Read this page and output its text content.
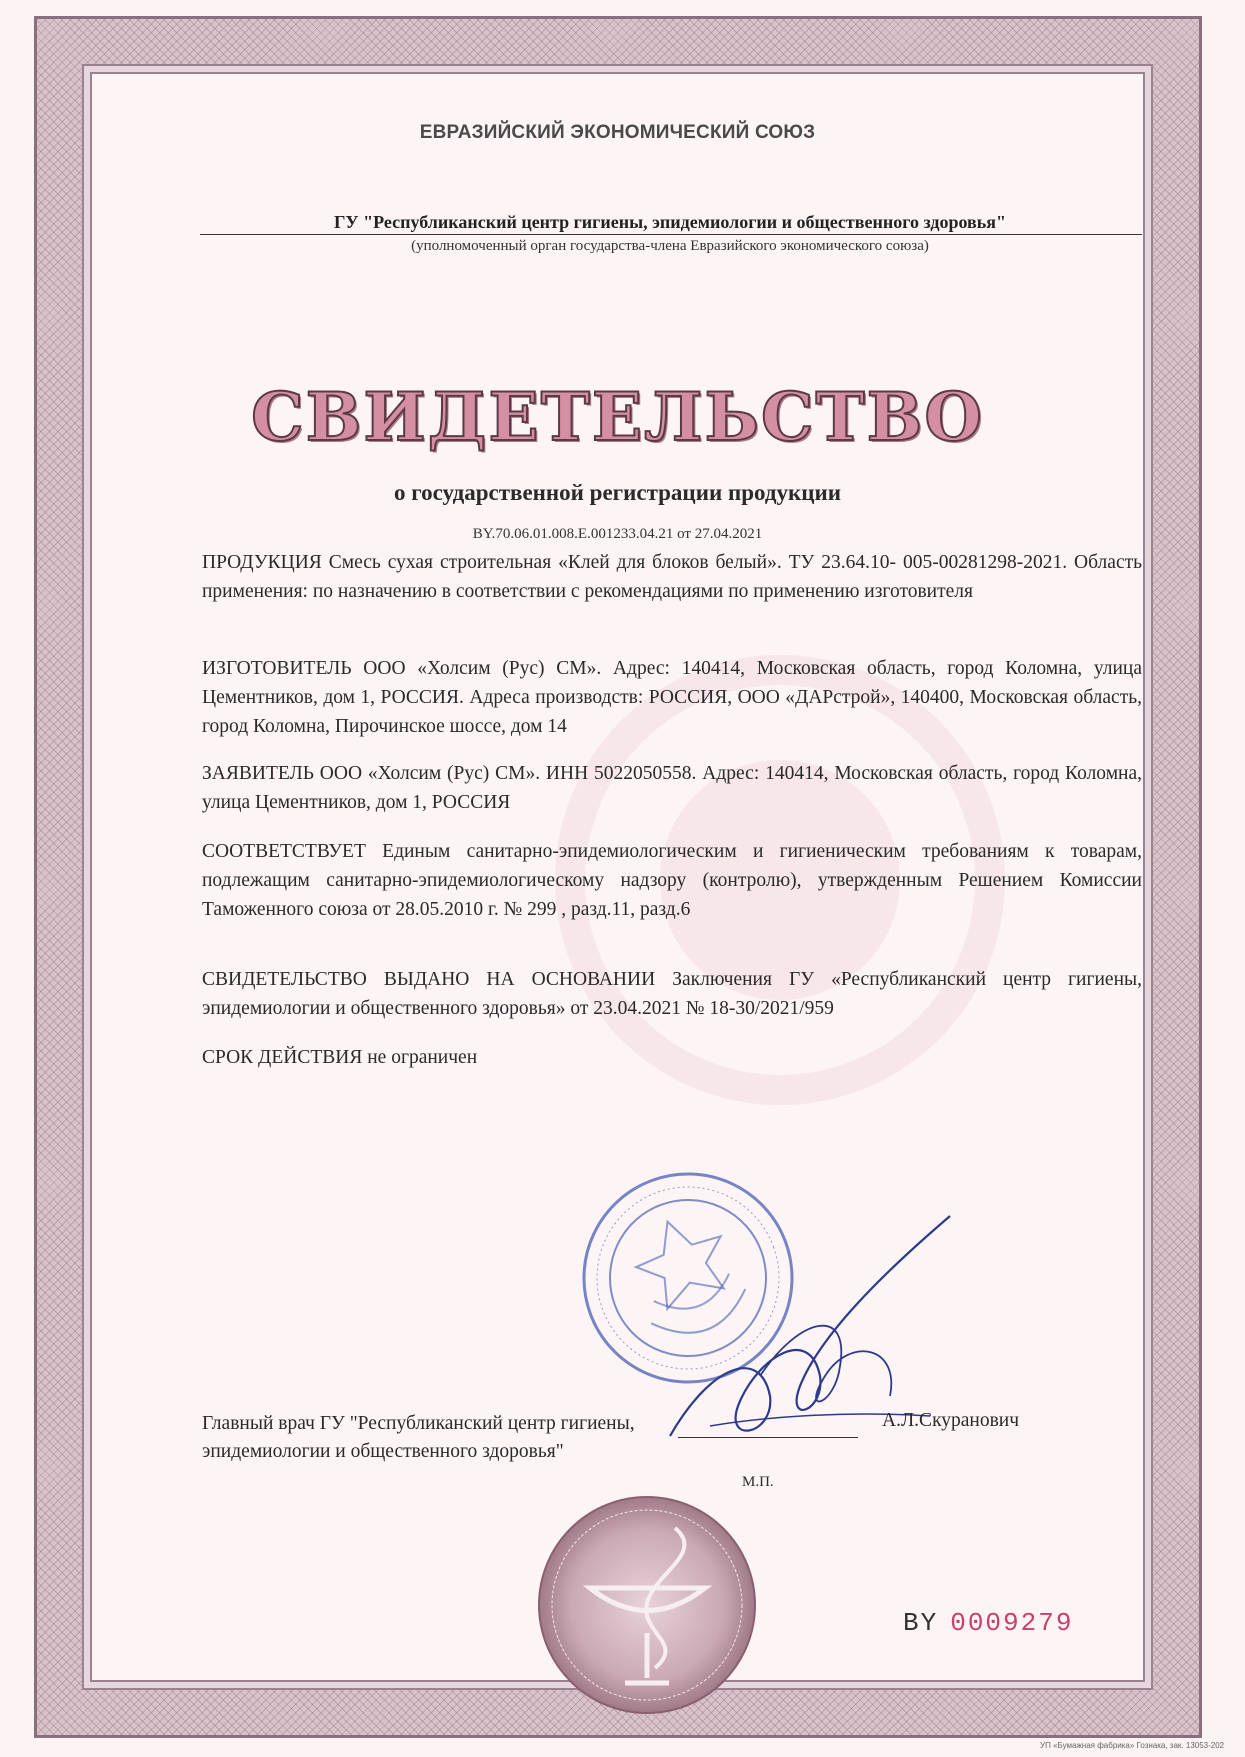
ЕВРАЗИЙСКИЙ ЭКОНОМИЧЕСКИЙ СОЮЗ
ГУ "Республиканский центр гигиены, эпидемиологии и общественного здоровья"
(уполномоченный орган государства-члена Евразийского экономического союза)
СВИДЕТЕЛЬСТВО
о государственной регистрации продукции
BY.70.06.01.008.E.001233.04.21 от 27.04.2021
ПРОДУКЦИЯ Смесь сухая строительная «Клей для блоков белый». ТУ 23.64.10- 005-00281298-2021. Область применения: по назначению в соответствии с рекомендациями по применению изготовителя
ИЗГОТОВИТЕЛЬ ООО «Холсим (Рус) СМ». Адрес: 140414, Московская область, город Коломна, улица Цементников, дом 1, РОССИЯ. Адреса производств: РОССИЯ, ООО «ДАРстрой», 140400, Московская область, город Коломна, Пирочинское шоссе, дом 14
ЗАЯВИТЕЛЬ ООО «Холсим (Рус) СМ». ИНН 5022050558. Адрес: 140414, Московская область, город Коломна, улица Цементников, дом 1, РОССИЯ
СООТВЕТСТВУЕТ Единым санитарно-эпидемиологическим и гигиеническим требованиям к товарам, подлежащим санитарно-эпидемиологическому надзору (контролю), утвержденным Решением Комиссии Таможенного союза от 28.05.2010 г. № 299 , разд.11, разд.6
СВИДЕТЕЛЬСТВО ВЫДАНО НА ОСНОВАНИИ Заключения ГУ «Республиканский центр гигиены, эпидемиологии и общественного здоровья» от 23.04.2021 № 18-30/2021/959
СРОК ДЕЙСТВИЯ не ограничен
Главный врач ГУ "Республиканский центр гигиены, эпидемиологии и общественного здоровья"
А.Л.Скуранович
М.П.
BY 0009279
УП «Бумажная фабрика» Гознака, зак. 13053-202
